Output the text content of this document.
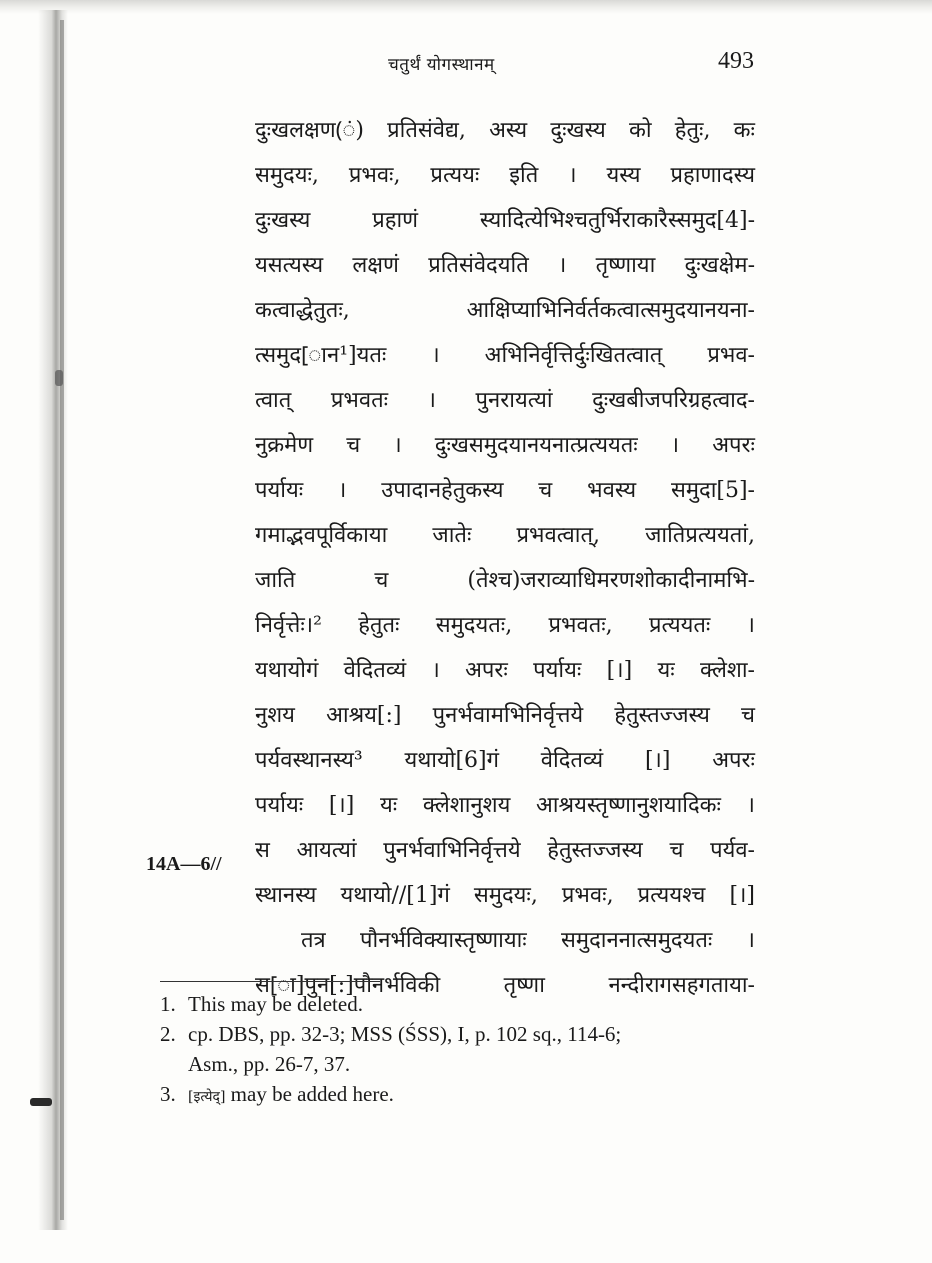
चतुर्थं योगस्थानम्	493
दुःखलक्षण(ं) प्रतिसंवेद्य, अस्य दुःखस्य को हेतुः, कः
समुदयः, प्रभवः, प्रत्ययः इति । यस्य प्रहाणादस्य
दुःखस्य प्रहाणं स्यादित्येभिश्चतुर्भिराकारैस्समुद[4]-
यसत्यस्य लक्षणं प्रतिसंवेदयति । तृष्णाया दुःखक्षेम-
कत्वाद्धेतुतः, आक्षिप्याभिनिर्वर्तकत्वात्समुदयानयना-
त्समुद[ान¹]यतः । अभिनिर्वृत्तिर्दुःखितत्वात् प्रभव-
त्वात् प्रभवतः । पुनरायत्यां दुःखबीजपरिग्रहत्वाद-
नुक्रमेण च । दुःखसमुदयानयनात्प्रत्ययतः । अपरः
पर्यायः । उपादानहेतुकस्य च भवस्य समुदा[5]-
गमाद्भवपूर्विकाया जातेः प्रभवत्वात्, जातिप्रत्ययतां,
जाति च (तेश्च)जराव्याधिमरणशोकादीनामभि-
निर्वृत्तेः।² हेतुतः समुदयतः, प्रभवतः, प्रत्ययतः ।
यथायोगं वेदितव्यं । अपरः पर्यायः [।] यः क्लेशा-
नुशय आश्रय[:] पुनर्भवामभिनिर्वृत्तये हेतुस्तज्जस्य च
पर्यवस्थानस्य³ यथायो[6]गं वेदितव्यं [।] अपरः
पर्यायः [।] यः क्लेशानुशय आश्रयस्तृष्णानुशयादिकः ।
स आयत्यां पुनर्भवाभिनिर्वृत्तये हेतुस्तज्जस्य च पर्यव-
स्थानस्य यथायो//[1]गं समुदयः, प्रभवः, प्रत्ययश्च [।]
तत्र पौनर्भविक्यास्तृष्णायाः समुदाननात्समुदयतः ।
स[ा]पुन[:]पौनर्भविकी तृष्णा नन्दीरागसहगताया-
14A—6//
1. This may be deleted.
2. cp. DBS, pp. 32-3; MSS (ŚSS), I, p. 102 sq., 114-6;
Asm., pp. 26-7, 37.
3. [इत्येद्] may be added here.
